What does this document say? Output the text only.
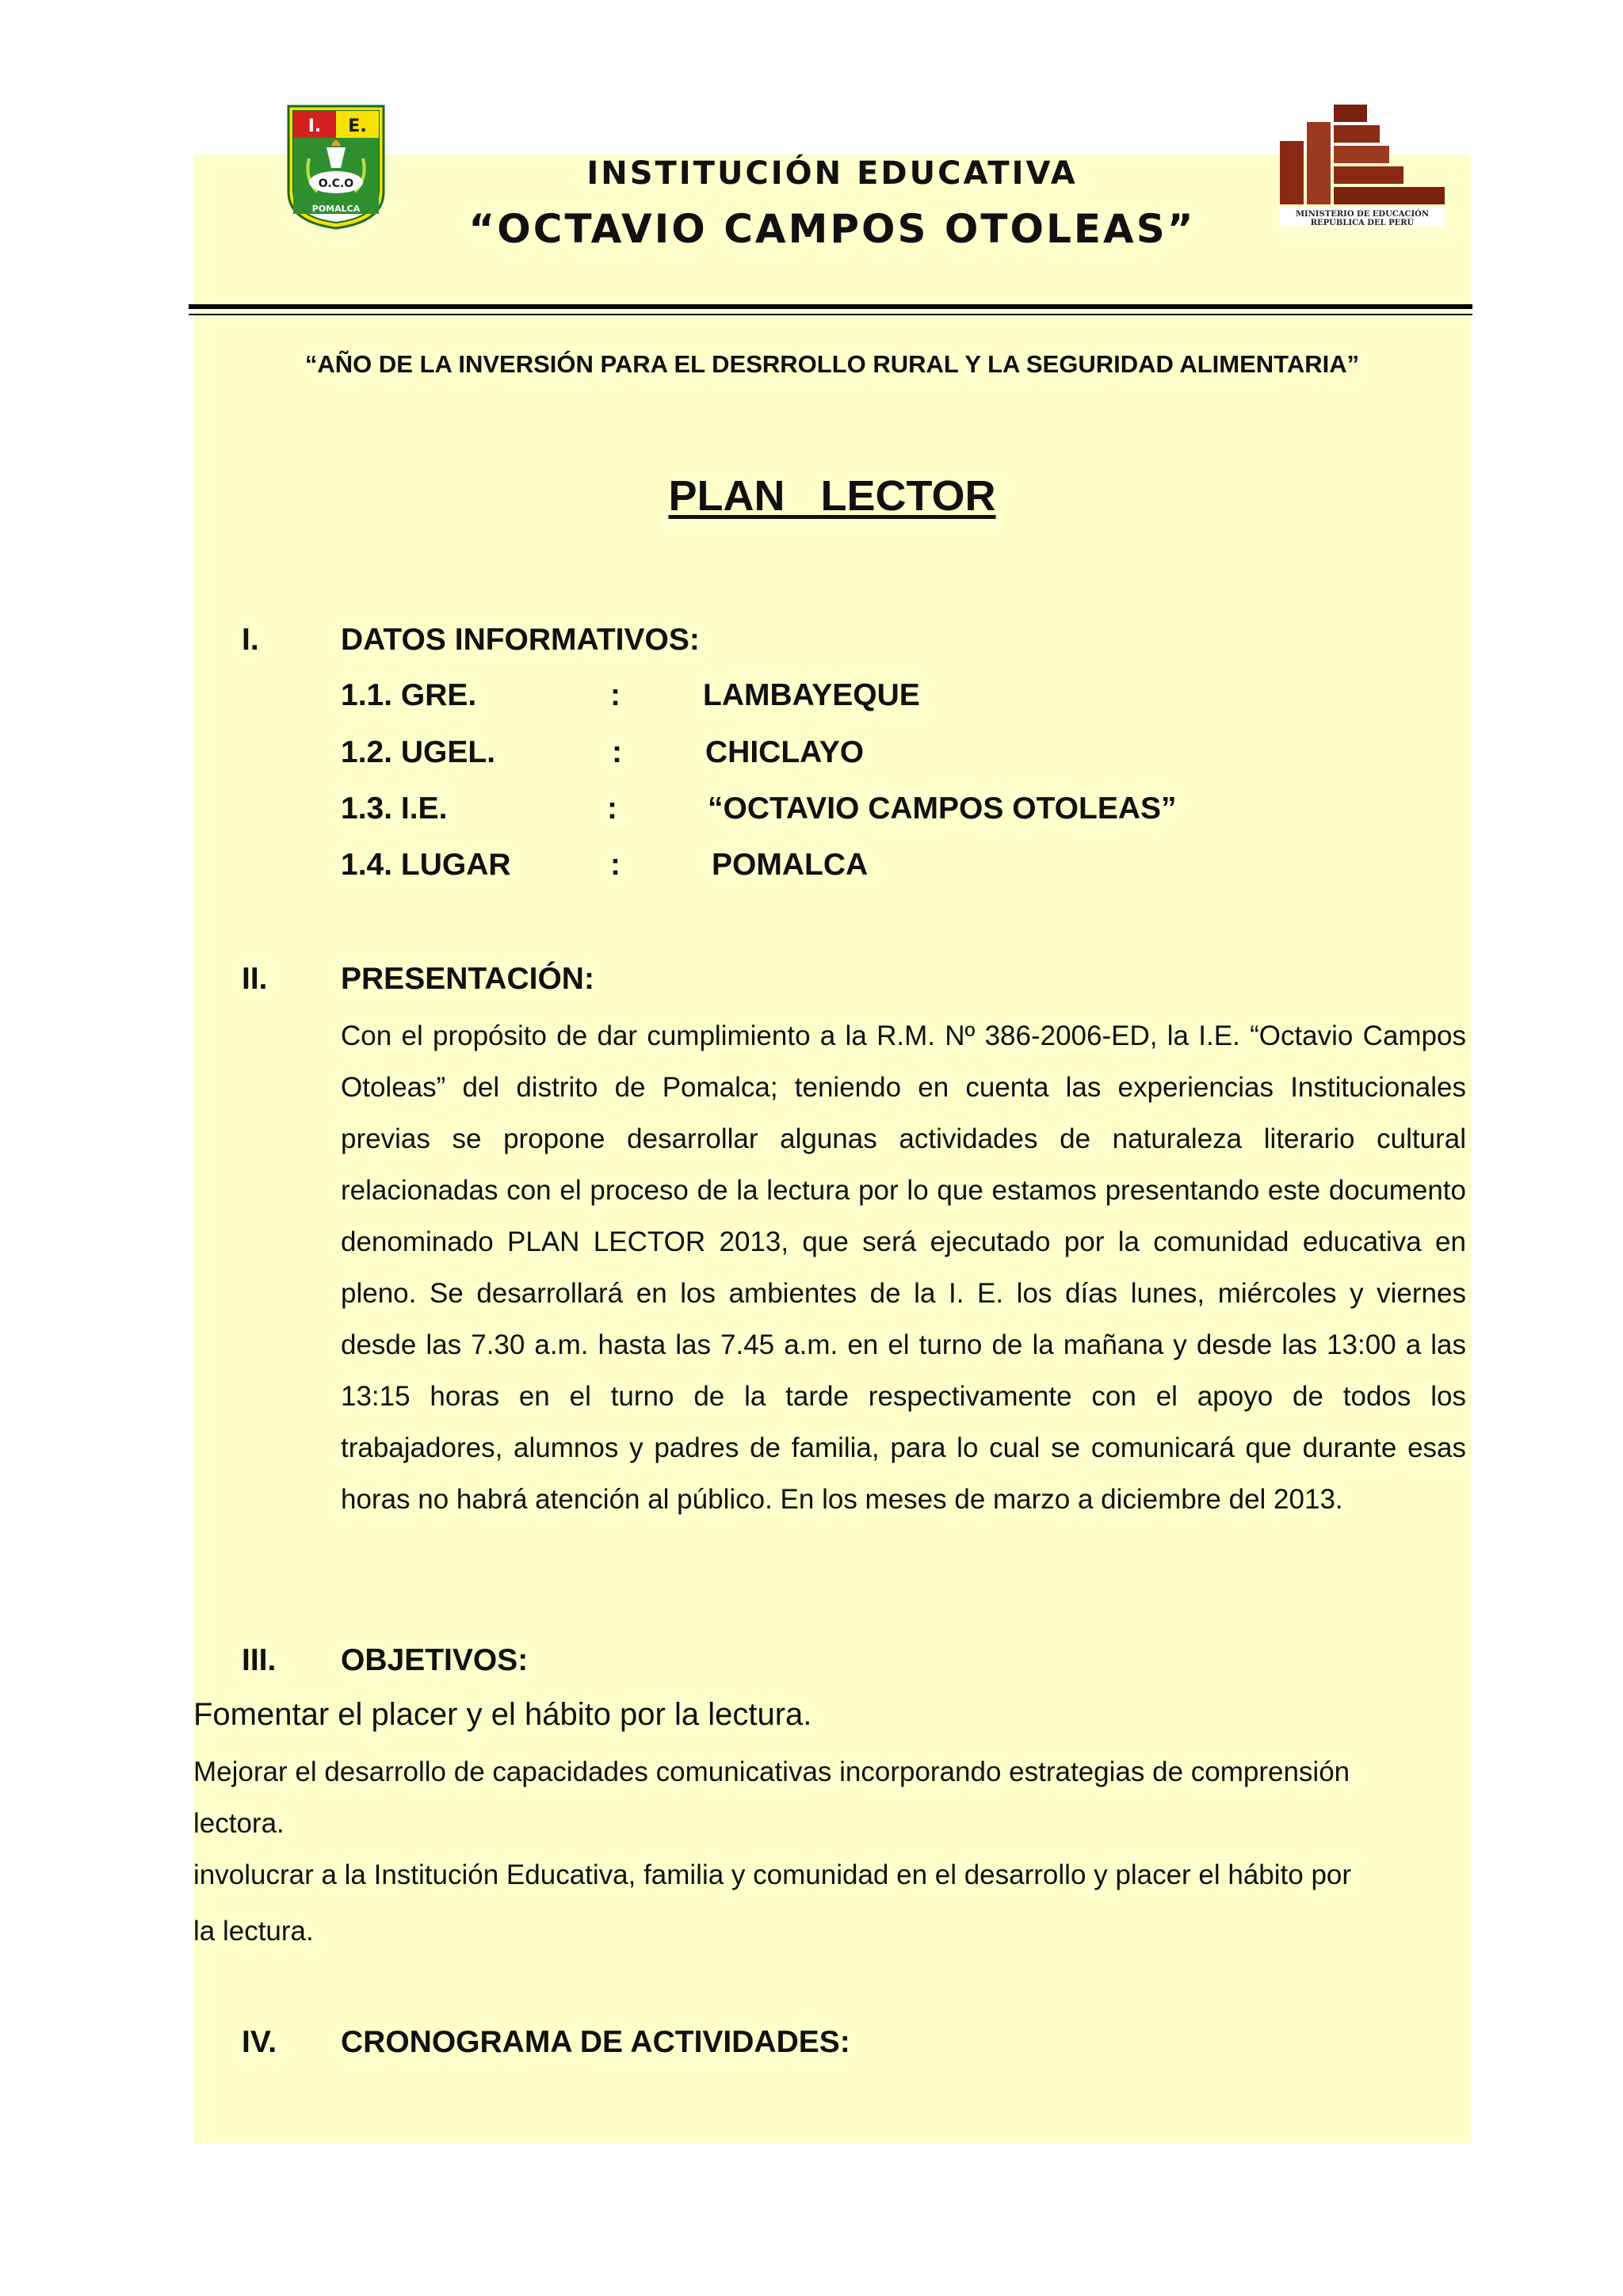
I. E.
O.C.O
POMALCA
MINISTERIO DE EDUCACIÓN
REPUBLICA DEL PERÚ
INSTITUCIÓN EDUCATIVA
“OCTAVIO CAMPOS OTOLEAS”
“AÑO DE LA INVERSIÓN PARA EL DESRROLLO RURAL Y LA SEGURIDAD ALIMENTARIA”
PLAN   LECTOR
I.	DATOS INFORMATIVOS:
1.1. GRE.	:	LAMBAYEQUE
1.2. UGEL.	:	CHICLAYO
1.3. I.E.	:	“OCTAVIO CAMPOS OTOLEAS”
1.4. LUGAR	:	POMALCA
II. PRESENTACIÓN:
Con el propósito de dar cumplimiento a la R.M. Nº 386-2006-ED, la I.E. “Octavio Campos Otoleas” del distrito de Pomalca; teniendo en cuenta las experiencias Institucionales previas se propone desarrollar algunas actividades de naturaleza literario cultural relacionadas con el proceso de la lectura por lo que estamos presentando este documento denominado PLAN LECTOR 2013, que será ejecutado por la comunidad educativa en pleno. Se desarrollará en los ambientes de la I. E. los días lunes, miércoles y viernes desde las 7.30 a.m. hasta las 7.45 a.m. en el turno de la mañana y desde las 13:00 a las 13:15 horas en el turno de la tarde respectivamente con el apoyo de todos los trabajadores, alumnos y padres de familia, para lo cual se comunicará que durante esas horas no habrá atención al público. En los meses de marzo a diciembre del 2013.
III. OBJETIVOS:
Fomentar el placer y el hábito por la lectura.
Mejorar el desarrollo de capacidades comunicativas incorporando estrategias de comprensión
lectora.
involucrar a la Institución Educativa, familia y comunidad en el desarrollo y placer el hábito por
la lectura.
IV. CRONOGRAMA DE ACTIVIDADES:
